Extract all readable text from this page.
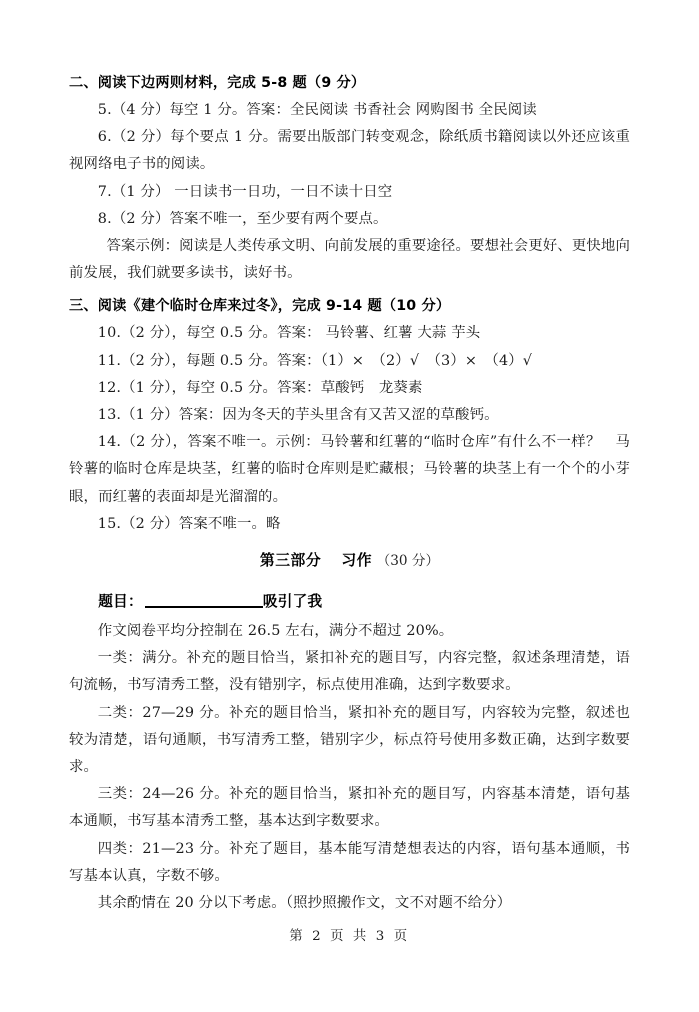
二、阅读下边两则材料，完成 5-8 题（9 分）

5.（4 分）每空 1 分。答案：全民阅读 书香社会 网购图书 全民阅读

6.（2 分）每个要点 1 分。需要出版部门转变观念，除纸质书籍阅读以外还应该重视网络电子书的阅读。

7.（1 分） 一日读书一日功，一日不读十日空

8.（2 分）答案不唯一，至少要有两个要点。

答案示例：阅读是人类传承文明、向前发展的重要途径。要想社会更好、更快地向前发展，我们就要多读书，读好书。

三、阅读《建个临时仓库来过冬》，完成 9-14 题（10 分）

10.（2 分），每空 0.5 分。答案： 马铃薯、红薯 大蒜 芋头

11.（2 分），每题 0.5 分。答案：（1）×　（2）√　（3）×　（4）√

12.（1 分），每空 0.5 分。答案：草酸钙　龙葵素

13.（1 分）答案：因为冬天的芋头里含有又苦又涩的草酸钙。

14.（2 分），答案不唯一。示例：马铃薯和红薯的“临时仓库”有什么不一样？　马铃薯的临时仓库是块茎，红薯的临时仓库则是贮藏根；马铃薯的块茎上有一个个的小芽眼，而红薯的表面却是光溜溜的。

15.（2 分）答案不唯一。略

第三部分 习作 （30 分）
题目：	吸引了我

作文阅卷平均分控制在 26.5 左右，满分不超过 20%。

一类：满分。补充的题目恰当，紧扣补充的题目写，内容完整，叙述条理清楚，语句流畅，书写清秀工整，没有错别字，标点使用准确，达到字数要求。

二类：27—29 分。补充的题目恰当，紧扣补充的题目写，内容较为完整，叙述也较为清楚，语句通顺，书写清秀工整，错别字少，标点符号使用多数正确，达到字数要求。

三类：24—26 分。补充的题目恰当，紧扣补充的题目写，内容基本清楚，语句基本通顺，书写基本清秀工整，基本达到字数要求。

四类：21—23 分。补充了题目，基本能写清楚想表达的内容，语句基本通顺，书写基本认真，字数不够。

其余酌情在 20 分以下考虑。（照抄照搬作文，文不对题不给分）

第 2 页 共 3 页
